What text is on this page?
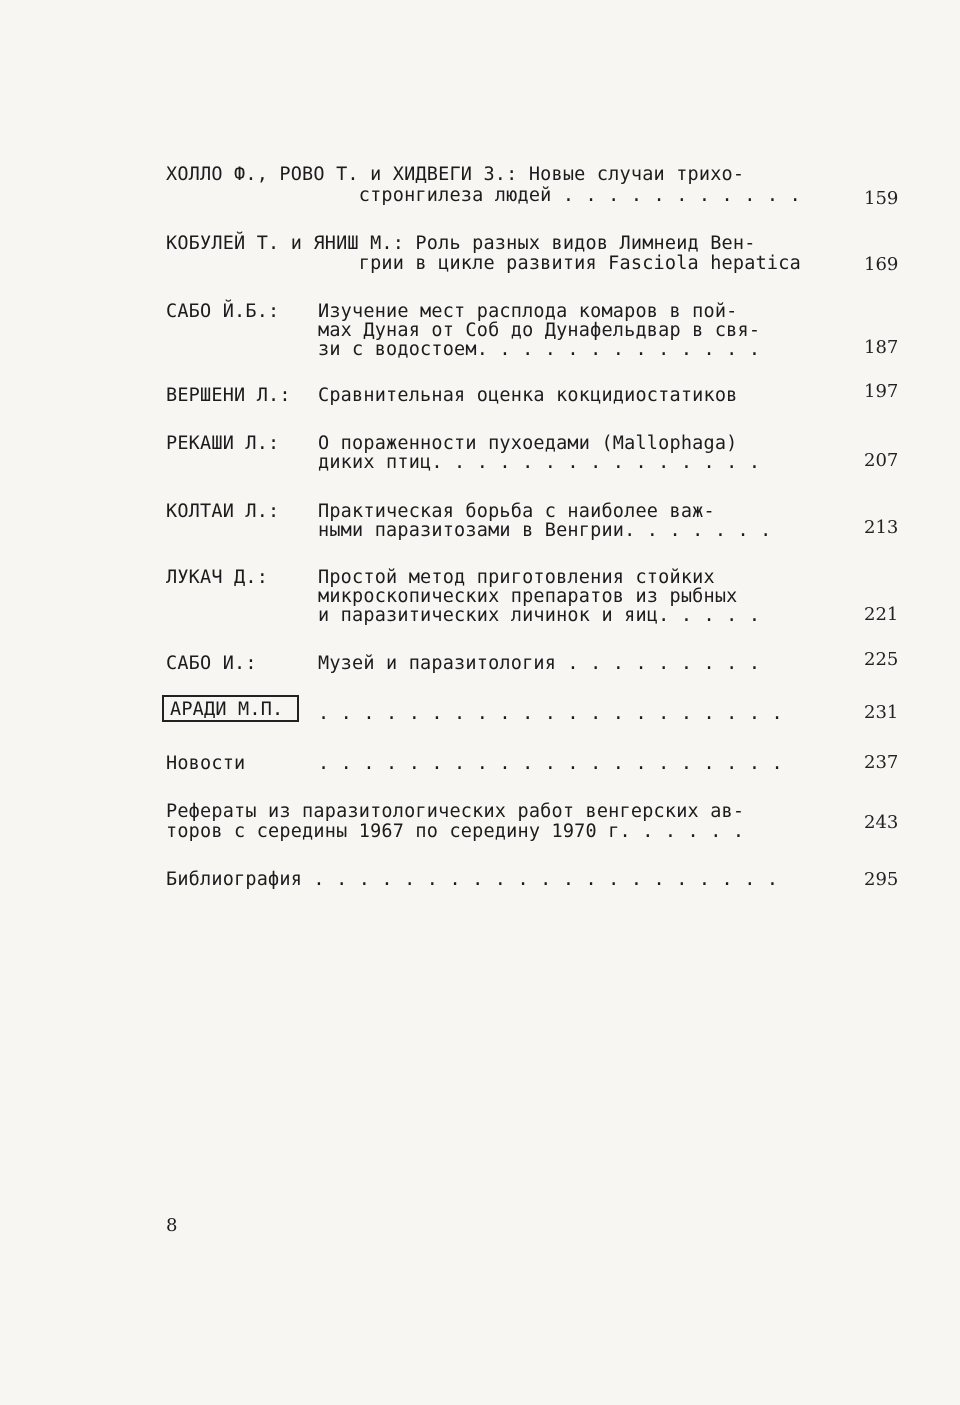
ХОЛЛО Ф., РОВО Т. и ХИДВЕГИ З.: Новые случаи трихо-
стронгилеза людей . . . . . . . . . . .	159
КОБУЛЕЙ Т. и ЯНИШ М.: Роль разных видов Лимнеид Вен-
грии в цикле развития Fasciola hepatica	169
САБО Й.Б.: Изучение мест расплода комаров в пой-
мах Дуная от Соб до Дунафельдвар в свя-
зи с водостоем. . . . . . . . . . . . .	187
ВЕРШЕНИ Л.: Сравнительная оценка кокцидиостатиков	197
РЕКАШИ Л.: О пораженности пухоедами (Mallophaga)
диких птиц. . . . . . . . . . . . . . .	207
КОЛТАИ Л.: Практическая борьба с наиболее важ-
ными паразитозами в Венгрии. . . . . . .	213
ЛУКАЧ Д.:	Простой метод приготовления стойких
микроскопических препаратов из рыбных
и паразитических личинок и яиц. . . . .	221
САБО И.:	Музей и паразитология . . . . . . . . .	225
АРАДИ М.П. . . . . . . . . . . . . . . . . . . . . .	231
Новости	. . . . . . . . . . . . . . . . . . . . .	237
Рефераты из паразитологических работ венгерских ав-
торов с середины 1967 по середину 1970 г. . . . . .	243
Библиография . . . . . . . . . . . . . . . . . . . . .	295
8
